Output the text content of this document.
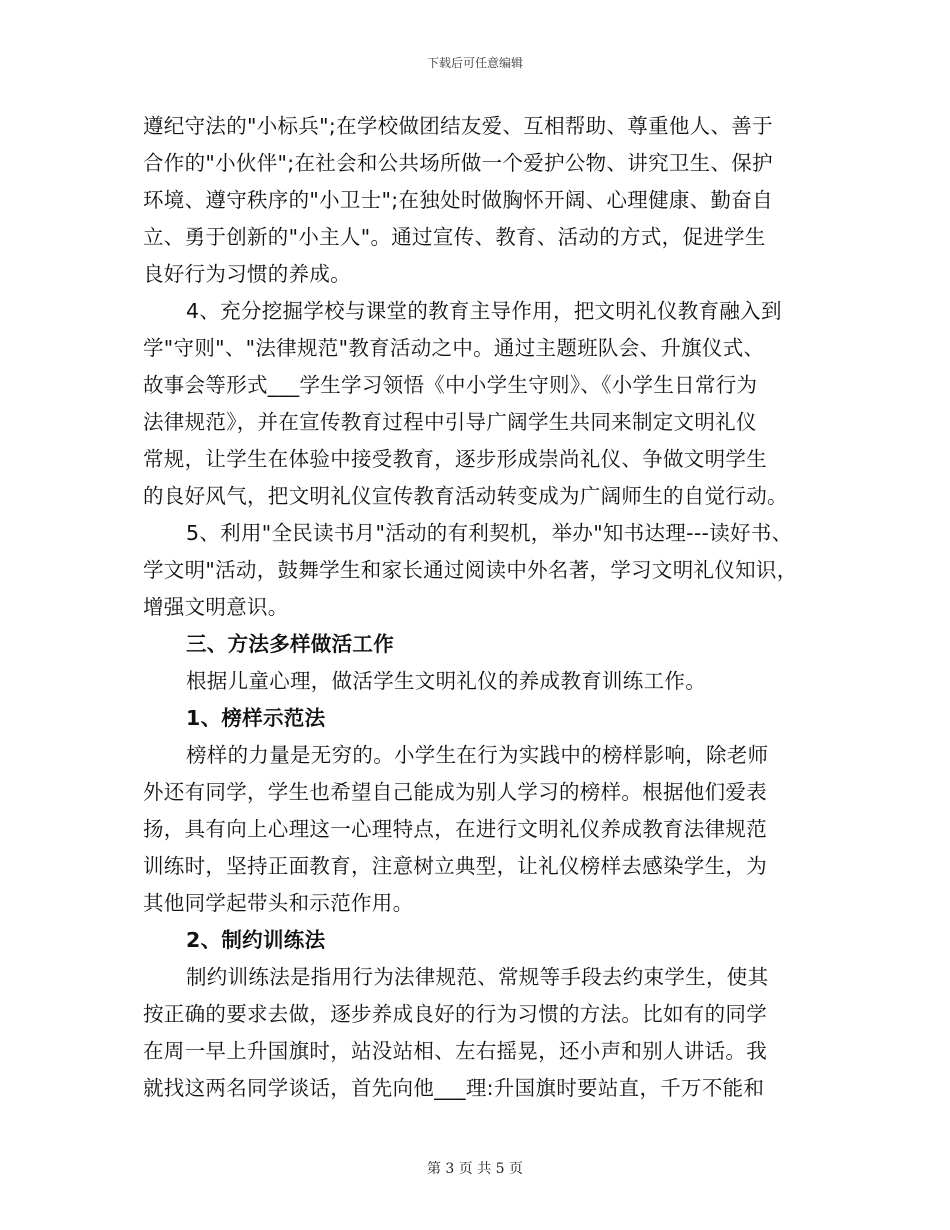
下载后可任意编辑
遵纪守法的"小标兵";在学校做团结友爱、互相帮助、尊重他人、善于
合作的"小伙伴";在社会和公共场所做一个爱护公物、讲究卫生、保护
环境、遵守秩序的"小卫士";在独处时做胸怀开阔、心理健康、勤奋自
立、勇于创新的"小主人"。通过宣传、教育、活动的方式，促进学生
良好行为习惯的养成。
4、充分挖掘学校与课堂的教育主导作用，把文明礼仪教育融入到
学"守则"、"法律规范"教育活动之中。通过主题班队会、升旗仪式、
故事会等形式___学生学习领悟《中小学生守则》、《小学生日常行为
法律规范》，并在宣传教育过程中引导广阔学生共同来制定文明礼仪
常规，让学生在体验中接受教育，逐步形成崇尚礼仪、争做文明学生
的良好风气，把文明礼仪宣传教育活动转变成为广阔师生的自觉行动。
5、利用"全民读书月"活动的有利契机，举办"知书达理---读好书、
学文明"活动，鼓舞学生和家长通过阅读中外名著，学习文明礼仪知识，
增强文明意识。
三、方法多样做活工作
根据儿童心理，做活学生文明礼仪的养成教育训练工作。
1、榜样示范法
榜样的力量是无穷的。小学生在行为实践中的榜样影响，除老师
外还有同学，学生也希望自己能成为别人学习的榜样。根据他们爱表
扬，具有向上心理这一心理特点，在进行文明礼仪养成教育法律规范
训练时，坚持正面教育，注意树立典型，让礼仪榜样去感染学生，为
其他同学起带头和示范作用。
2、制约训练法
制约训练法是指用行为法律规范、常规等手段去约束学生，使其
按正确的要求去做，逐步养成良好的行为习惯的方法。比如有的同学
在周一早上升国旗时，站没站相、左右摇晃，还小声和别人讲话。我
就找这两名同学谈话，首先向他___理:升国旗时要站直，千万不能和
第 3 页 共 5 页
